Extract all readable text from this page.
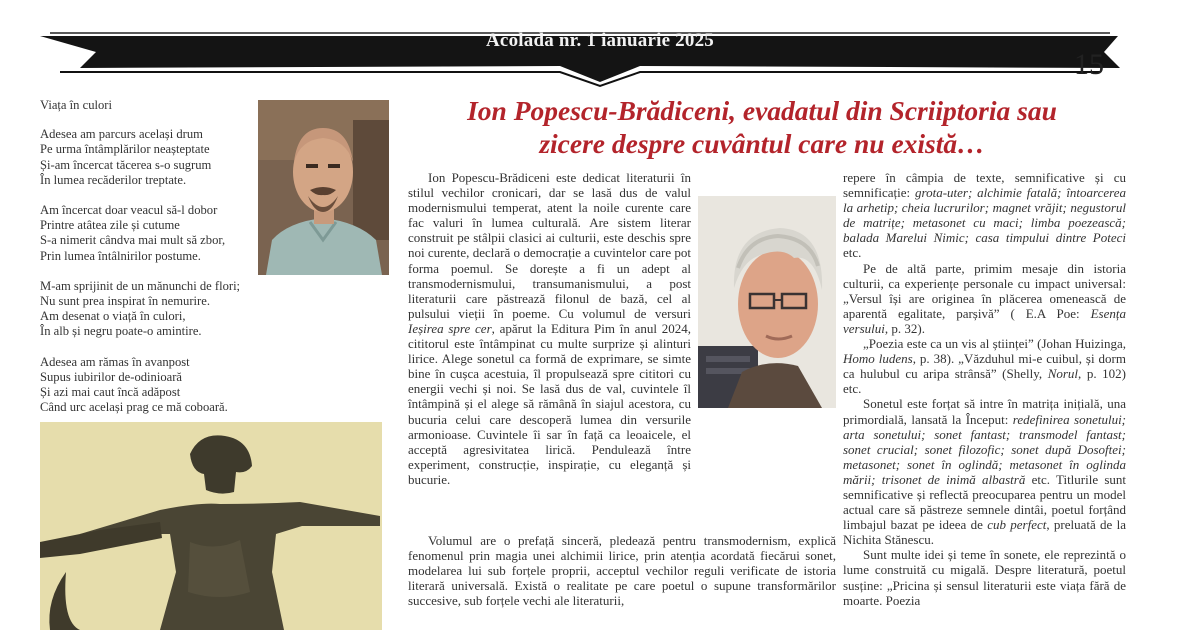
Acolada nr. 1 ianuarie 2025
15
Viața în culori
Adesea am parcurs același drum
Pe urma întâmplărilor neașteptate
Și-am încercat tăcerea s-o sugrum
În lumea recăderilor treptate.
Am încercat doar veacul să-l dobor
Printre atâtea zile și cutume
S-a nimerit cândva mai mult să zbor,
Prin lumea întâlnirilor postume.
M-am sprijinit de un mănunchi de flori;
Nu sunt prea inspirat în nemurire.
Am desenat o viață în culori,
În alb și negru poate-o amintire.
Adesea am rămas în avanpost
Supus iubirilor de-odinioară
Și azi mai caut încă adăpost
Când urc același prag ce mă coboară.
Ion Popescu-Brădiceni, evadatul din Scriiptoria sau
zicere despre cuvântul care nu există…

Ion Popescu-Brădiceni este dedicat literaturii în stilul vechilor cronicari, dar se lasă dus de valul modernismului temperat, atent la noile curente care fac valuri în lumea culturală. Are sistem literar construit pe stâlpii clasici ai culturii, este deschis spre noi curente, declară o democrație a cuvintelor care pot forma poemul. Se dorește a fi un adept al transmodernismului, transumanismului, a post literaturii care păstrează filonul de bază, cel al pulsului vieții în poeme. Cu volumul de versuri Ieșirea spre cer, apărut la Editura Pim în anul 2024, cititorul este întâmpinat cu multe surprize și alinturi lirice. Alege sonetul ca formă de exprimare, se simte bine în cușca acestuia, îl propulsează spre cititori cu energii vechi și noi. Se lasă dus de val, cuvintele îl întâmpină și el alege să rămână în siajul acestora, cu bucuria celui care descoperă lumea din versurile armonioase. Cuvintele îi sar în față ca leoaicele, el acceptă agresivitatea lirică. Pendulează între experiment, construcție, inspirație, cu eleganță și bucurie.

Volumul are o prefață sinceră, pledează pentru transmodernism, explică fenomenul prin magia unei alchimii lirice, prin atenția acordată fiecărui sonet, modelarea lui sub forțele proprii, acceptul vechilor reguli verificate de istoria literară universală. Există o realitate pe care poetul o supune transformărilor succesive, sub forțele vechi ale literaturii,

repere în câmpia de texte, semnificative și cu semnificație: grota-uter; alchimie fatală; întoarcerea la arhetip; cheia lucrurilor; magnet vrăjit; negustorul de matrițe; metasonet cu maci; limba poezească; balada Marelui Nimic; casa timpului dintre Poteci etc.

Pe de altă parte, primim mesaje din istoria culturii, ca experiențe personale cu impact universal: „Versul își are originea în plăcerea omenească de aparentă egalitate, parșivă” ( E.A Poe: Esența versului, p. 32).

„Poezia este ca un vis al științei” (Johan Huizinga, Homo ludens, p. 38). „Văzduhul mi-e cuibul, și dorm ca hulubul cu aripa strânsă” (Shelly, Norul, p. 102) etc.

Sonetul este forțat să intre în matrița inițială, una primordială, lansată la Început: redefinirea sonetului; arta sonetului; sonet fantast; transmodel fantast; sonet crucial; sonet filozofic; sonet după Dosoftei; metasonet; sonet în oglindă; metasonet în oglinda mării; trisonet de inimă albastră etc. Titlurile sunt semnificative și reflectă preocuparea pentru un model actual care să păstreze semnele dintâi, poetul forțând limbajul bazat pe ideea de cub perfect, preluată de la Nichita Stănescu.

Sunt multe idei și teme în sonete, ele reprezintă o lume construită cu migală. Despre literatură, poetul susține: „Pricina și sensul literaturii este viața fără de moarte. Poezia
